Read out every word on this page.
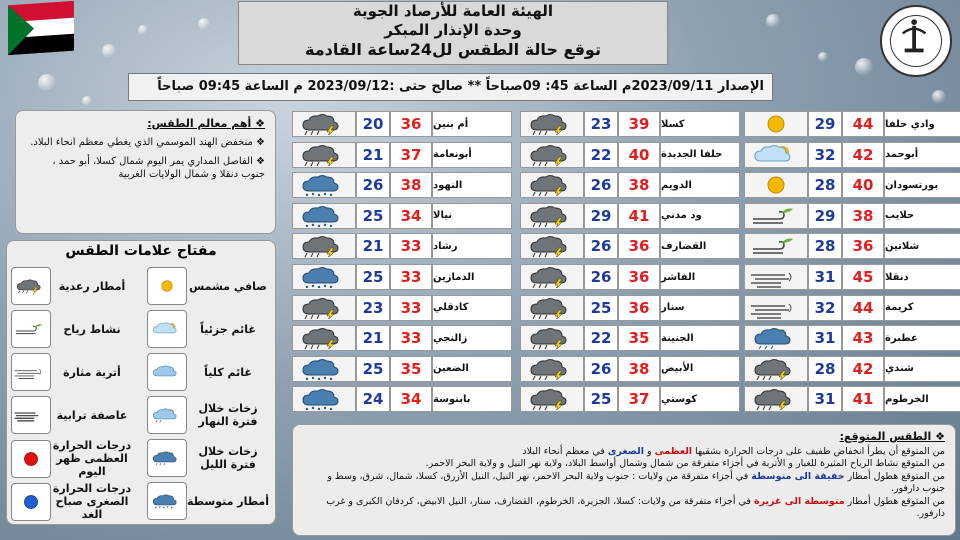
الهيئة العامة للأرصاد الجوية
وحدة الإنذار المبكر
توقع حالة الطقس لل24ساعة القادمة
الإصدار 2023/09/11م الساعة 45: 09صباحاً ** صالح حتى :2023/09/12 م الساعة 09:45 صباحاً
وادي حلفا
44
29
أبوحمد
42
32
بورتسودان
40
28
حلايب
38
29
شلاتين
36
28
دنقلا
45
31
كريمة
44
32
عطبرة
43
31
شندي
42
28
الخرطوم
41
31
كسلا
39
23
حلفا الجديدة
40
22
الدويم
38
26
ود مدني
41
29
القضارف
36
26
الفاشر
36
26
سنار
36
25
الجنينة
35
22
الأبيض
38
26
كوستي
37
25
أم بنين
36
20
أبونعامة
37
21
النهود
38
26
نيالا
34
25
رشاد
33
21
الدمازين
33
25
كادقلي
33
23
زالنجي
33
21
الضعين
35
25
بابنوسة
34
24
❖ أهم معالم الطقس:

❖ منخفض الهند الموسمي الذي يغطي معظم انحاء البلاد.

❖ الفاصل المداري يمر اليوم شمال كسلا، أبو حمد ، جنوب دنقلا و شمال الولايات الغربية

مفتاح علامات الطقس
صافي مشمس
أمطار رعدية
غائم جزئياً
نشاط رياح
غائم كلياً
أتربة مثارة
زخات خلال فترة النهار
عاصفة ترابية
زخات خلال فترة الليل
درجات الحرارة العظمى ظهر اليوم
أمطار متوسطة
درجات الحرارة الصغرى صباح الغد
❖ الطقس المتوقع:
من المتوقع أن يطرأ انخفاض طفيف على درجات الحرارة بشقيها العظمى و الصغرى في معظم أنحاء البلاد
من المتوقع نشاط الرياح المثيرة للغبار و الأتربة في أجزاء متفرقة من شمال وشمال أواسط البلاد، ولاية نهر النيل و ولاية البحر الاحمر.
من المتوقع هطول أمطار خفيفة الى متوسطة في أجزاء متفرقة من ولايات : جنوب ولاية البحر الاحمر، نهر النيل، النيل الأزرق، كسلا، شمال، شرق، وسط و جنوب دارفور.
من المتوقع هطول أمطار متوسطة الى غزيرة في أجزاء متفرقة من ولايات: كسلا، الجزيرة، الخرطوم، القضارف، سنار، النيل الابيض، كردفان الكبرى و غرب دارفور.
